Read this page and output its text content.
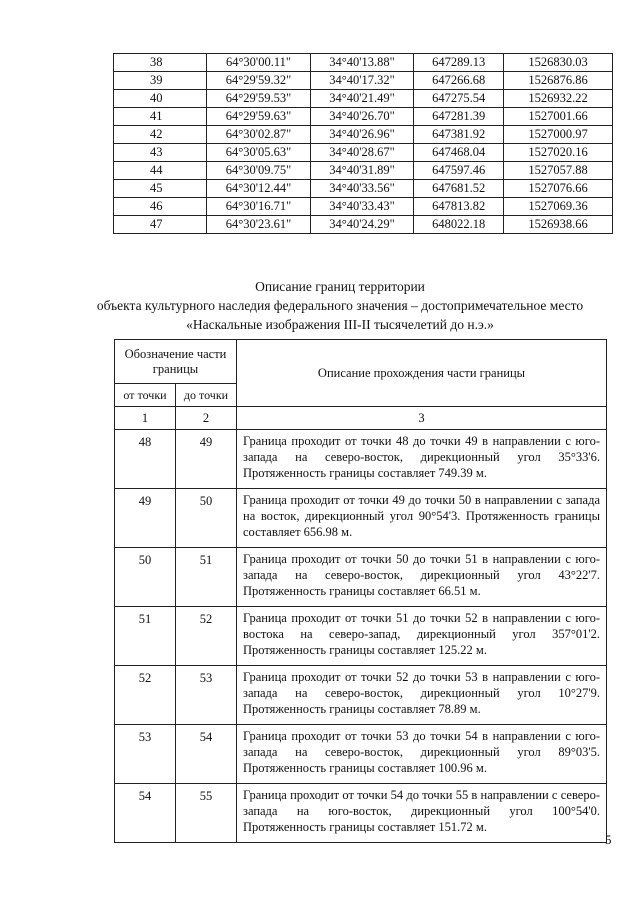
38	64°30'00.11"	34°40'13.88"	647289.13	1526830.03
39	64°29'59.32"	34°40'17.32"	647266.68	1526876.86
40	64°29'59.53"	34°40'21.49"	647275.54	1526932.22
41	64°29'59.63"	34°40'26.70"	647281.39	1527001.66
42	64°30'02.87"	34°40'26.96"	647381.92	1527000.97
43	64°30'05.63"	34°40'28.67"	647468.04	1527020.16
44	64°30'09.75"	34°40'31.89"	647597.46	1527057.88
45	64°30'12.44"	34°40'33.56"	647681.52	1527076.66
46	64°30'16.71"	34°40'33.43"	647813.82	1527069.36
47	64°30'23.61"	34°40'24.29"	648022.18	1526938.66
Описание границ территории
объекта культурного наследия федерального значения – достопримечательное место
«Наскальные изображения III-II тысячелетий до н.э.»
Обозначение части границы		Описание прохождения части границы
от точки	до точки	
1	2	3
48	49	Граница проходит от точки 48 до точки 49 в направлении с юго-запада на северо-восток, дирекционный угол 35°33'6. Протяженность границы составляет 749.39 м.
49	50	Граница проходит от точки 49 до точки 50 в направлении с запада на восток, дирекционный угол 90°54'3. Протяженность границы составляет 656.98 м.
50	51	Граница проходит от точки 50 до точки 51 в направлении с юго-запада на северо-восток, дирекционный угол 43°22'7. Протяженность границы составляет 66.51 м.
51	52	Граница проходит от точки 51 до точки 52 в направлении с юго-востока на северо-запад, дирекционный угол 357°01'2. Протяженность границы составляет 125.22 м.
52	53	Граница проходит от точки 52 до точки 53 в направлении с юго-запада на северо-восток, дирекционный угол 10°27'9. Протяженность границы составляет 78.89 м.
53	54	Граница проходит от точки 53 до точки 54 в направлении с юго-запада на северо-восток, дирекционный угол 89°03'5. Протяженность границы составляет 100.96 м.
54	55	Граница проходит от точки 54 до точки 55 в направлении с северо-запада на юго-восток, дирекционный угол 100°54'0. Протяженность границы составляет 151.72 м.
5
